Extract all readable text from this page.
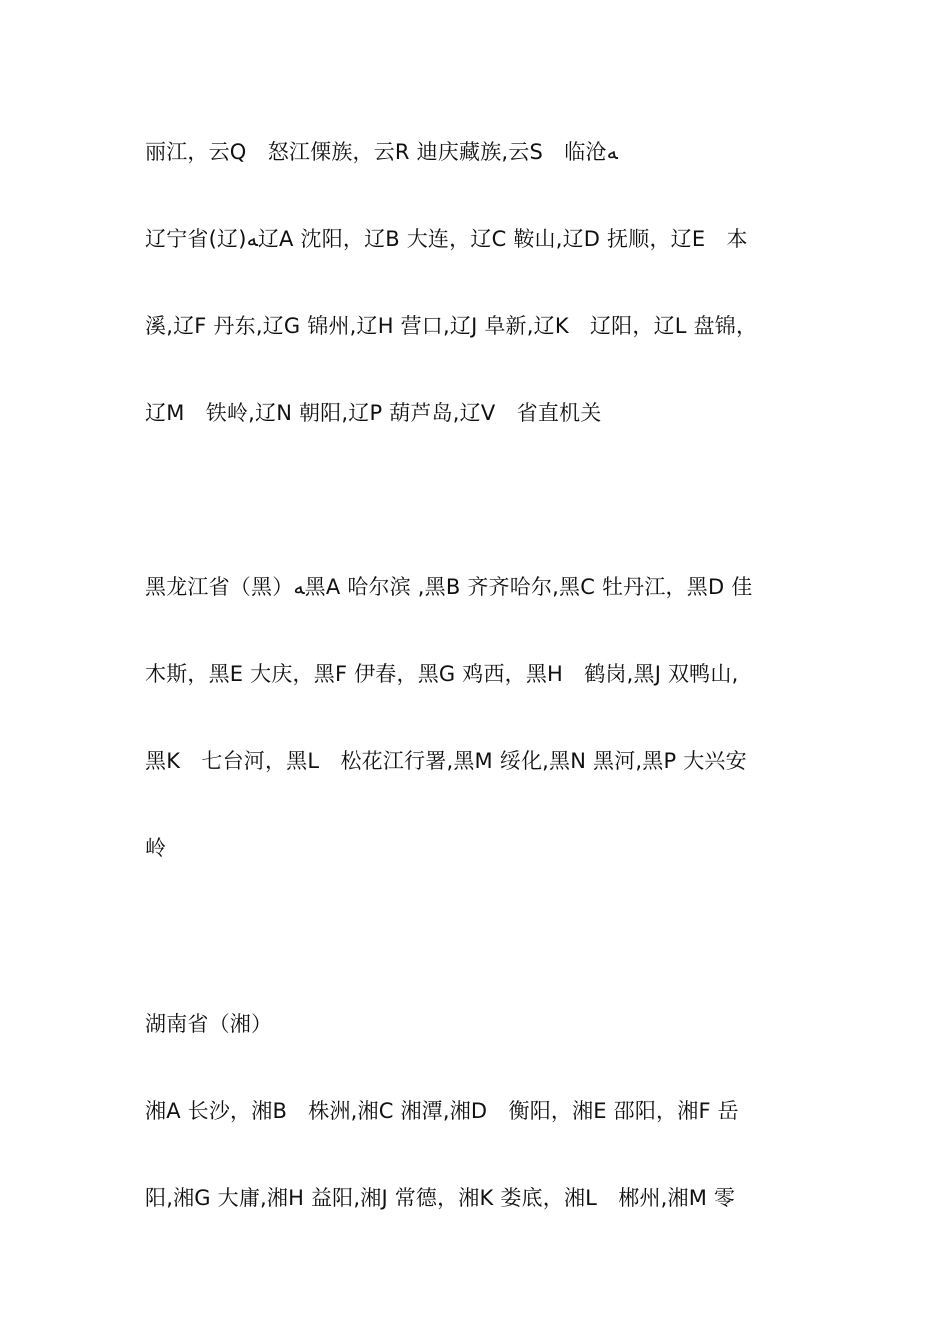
丽江，云Q　怒江傈族，云R 迪庆藏族,云S　临沧ﻪ
辽宁省(辽)ﻪ辽A 沈阳，辽B 大连，辽C 鞍山,辽D 抚顺，辽E　本
溪,辽F 丹东,辽G 锦州,辽H 营口,辽J 阜新,辽K　辽阳，辽L 盘锦，
辽M　铁岭,辽N 朝阳,辽P 葫芦岛,辽V　省直机关
黑龙江省（黑）ﻪ黑A 哈尔滨 ,黑B 齐齐哈尔,黑C 牡丹江，黑D 佳
木斯，黑E 大庆，黑F 伊春，黑G 鸡西，黑H　鹤岗,黑J 双鸭山,
黑K　七台河，黑L　松花江行署,黑M 绥化,黑N 黑河,黑P 大兴安
岭
湖南省（湘）
湘A 长沙，湘B　株洲,湘C 湘潭,湘D　衡阳，湘E 邵阳，湘F 岳
阳,湘G 大庸,湘H 益阳,湘J 常德，湘K 娄底，湘L　郴州,湘M 零
